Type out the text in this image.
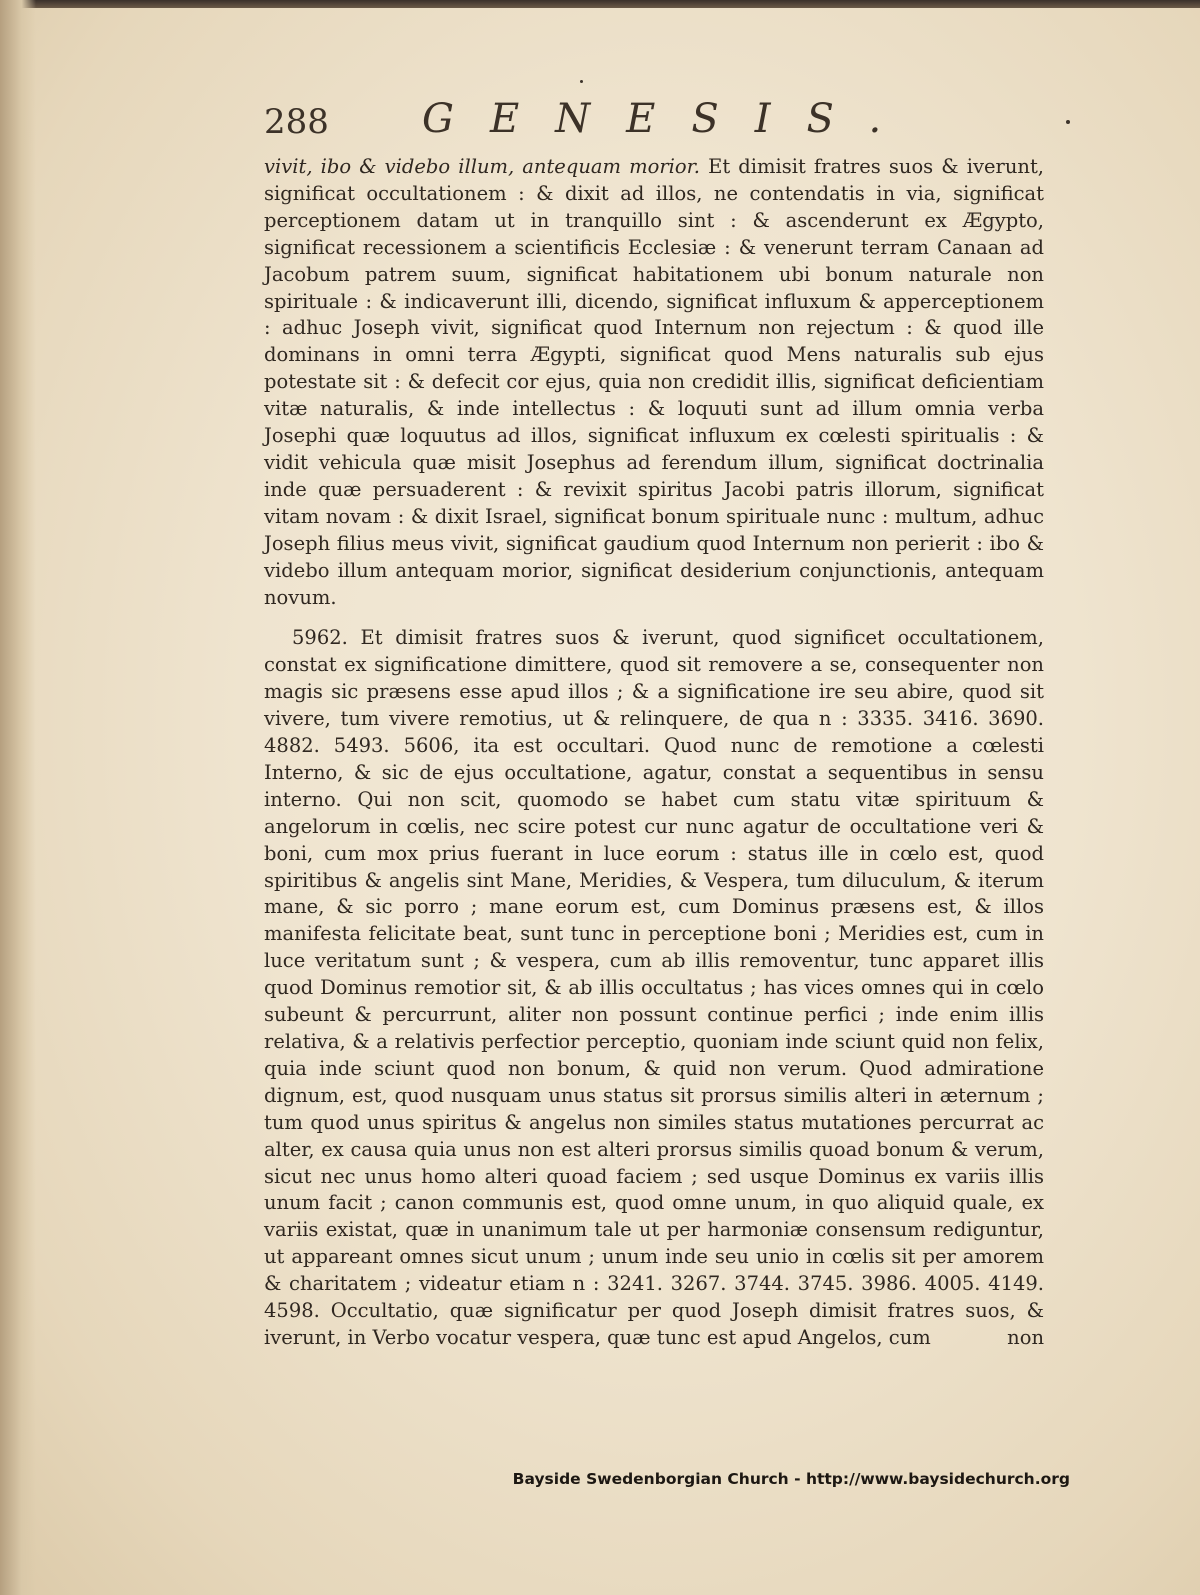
288 GENESIS.

vivit, ibo & videbo illum, antequam morior. Et dimisit fratres suos & iverunt, significat occultationem : & dixit ad illos, ne contendatis in via, significat perceptionem datam ut in tranquillo sint : & ascenderunt ex Ægypto, significat recessionem a scientificis Ecclesiæ : & venerunt terram Canaan ad Jacobum patrem suum, significat habitationem ubi bonum naturale non spirituale : & indicaverunt illi, dicendo, significat influxum & apperceptionem : adhuc Joseph vivit, significat quod Internum non rejectum : & quod ille dominans in omni terra Ægypti, significat quod Mens naturalis sub ejus potestate sit : & defecit cor ejus, quia non credidit illis, significat deficientiam vitæ naturalis, & inde intellectus : & loquuti sunt ad illum omnia verba Josephi quæ loquutus ad illos, significat influxum ex cœlesti spiritualis : & vidit vehicula quæ misit Josephus ad ferendum illum, significat doctrinalia inde quæ persuaderent : & revixit spiritus Jacobi patris illorum, significat vitam novam : & dixit Israel, significat bonum spirituale nunc : multum, adhuc Joseph filius meus vivit, significat gaudium quod Internum non perierit : ibo & videbo illum antequam morior, significat desiderium conjunctionis, antequam novum.

5962. Et dimisit fratres suos & iverunt, quod significet occultationem, constat ex significatione dimittere, quod sit removere a se, consequenter non magis sic præsens esse apud illos ; & a significatione ire seu abire, quod sit vivere, tum vivere remotius, ut & relinquere, de qua n : 3335. 3416. 3690. 4882. 5493. 5606, ita est occultari. Quod nunc de remotione a cœlesti Interno, & sic de ejus occultatione, agatur, constat a sequentibus in sensu interno. Qui non scit, quomodo se habet cum statu vitæ spirituum & angelorum in cœlis, nec scire potest cur nunc agatur de occultatione veri & boni, cum mox prius fuerant in luce eorum : status ille in cœlo est, quod spiritibus & angelis sint Mane, Meridies, & Vespera, tum diluculum, & iterum mane, & sic porro ; mane eorum est, cum Dominus præsens est, & illos manifesta felicitate beat, sunt tunc in perceptione boni ; Meridies est, cum in luce veritatum sunt ; & vespera, cum ab illis removentur, tunc apparet illis quod Dominus remotior sit, & ab illis occultatus ; has vices omnes qui in cœlo subeunt & percurrunt, aliter non possunt continue perfici ; inde enim illis relativa, & a relativis perfectior perceptio, quoniam inde sciunt quid non felix, quia inde sciunt quod non bonum, & quid non verum. Quod admiratione dignum, est, quod nusquam unus status sit prorsus similis alteri in æternum ; tum quod unus spiritus & angelus non similes status mutationes percurrat ac alter, ex causa quia unus non est alteri prorsus similis quoad bonum & verum, sicut nec unus homo alteri quoad faciem ; sed usque Dominus ex variis illis unum facit ; canon communis est, quod omne unum, in quo aliquid quale, ex variis existat, quæ in unanimum tale ut per harmoniæ consensum rediguntur, ut appareant omnes sicut unum ; unum inde seu unio in cœlis sit per amorem & charitatem ; videatur etiam n : 3241. 3267. 3744. 3745. 3986. 4005. 4149. 4598. Occultatio, quæ significatur per quod Joseph dimisit fratres suos, & iverunt, in Verbo vocatur vespera, quæ tunc est apud Angelos, cum	non
Bayside Swedenborgian Church - http://www.baysidechurch.org
